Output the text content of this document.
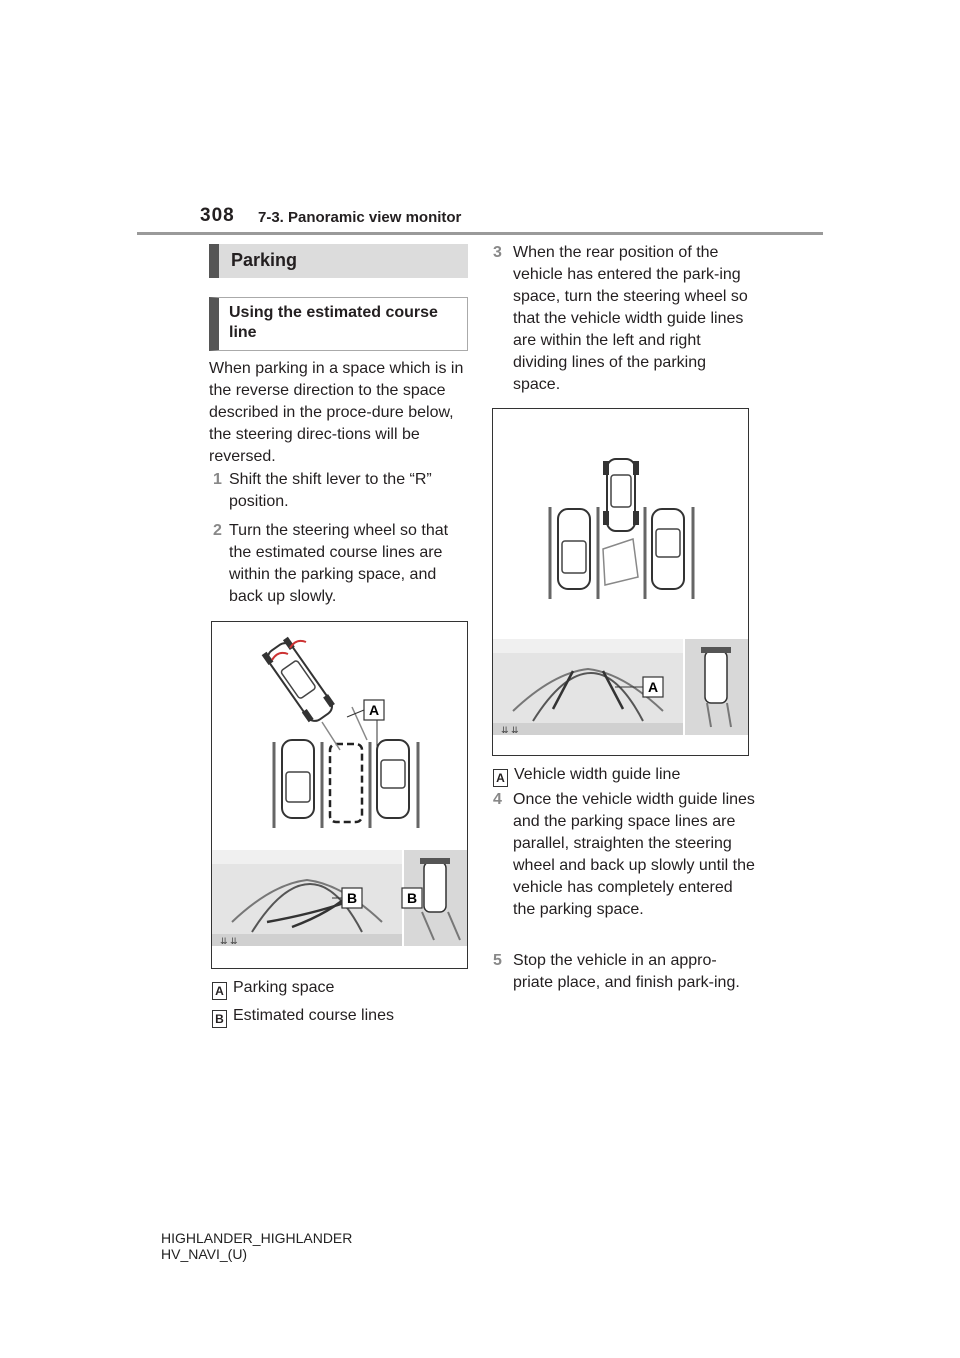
308 7-3. Panoramic view monitor
Parking
Using the estimated course line
When parking in a space which is in the reverse direction to the space described in the proce-dure below, the steering direc-tions will be reversed.
1 Shift the shift lever to the “R” position.
2 Turn the steering wheel so that the estimated course lines are within the parking space, and back up slowly.
A
⇊ ⇊
B	B
A Parking space
B Estimated course lines
3 When the rear position of the vehicle has entered the park-ing space, turn the steering wheel so that the vehicle width guide lines are within the left and right dividing lines of the parking space.
⇊ ⇊
A
A Vehicle width guide line
4 Once the vehicle width guide lines and the parking space lines are parallel, straighten the steering wheel and back up slowly until the vehicle has completely entered the parking space.
5 Stop the vehicle in an appro-priate place, and finish park-ing.
HIGHLANDER_HIGHLANDER
HV_NAVI_(U)
